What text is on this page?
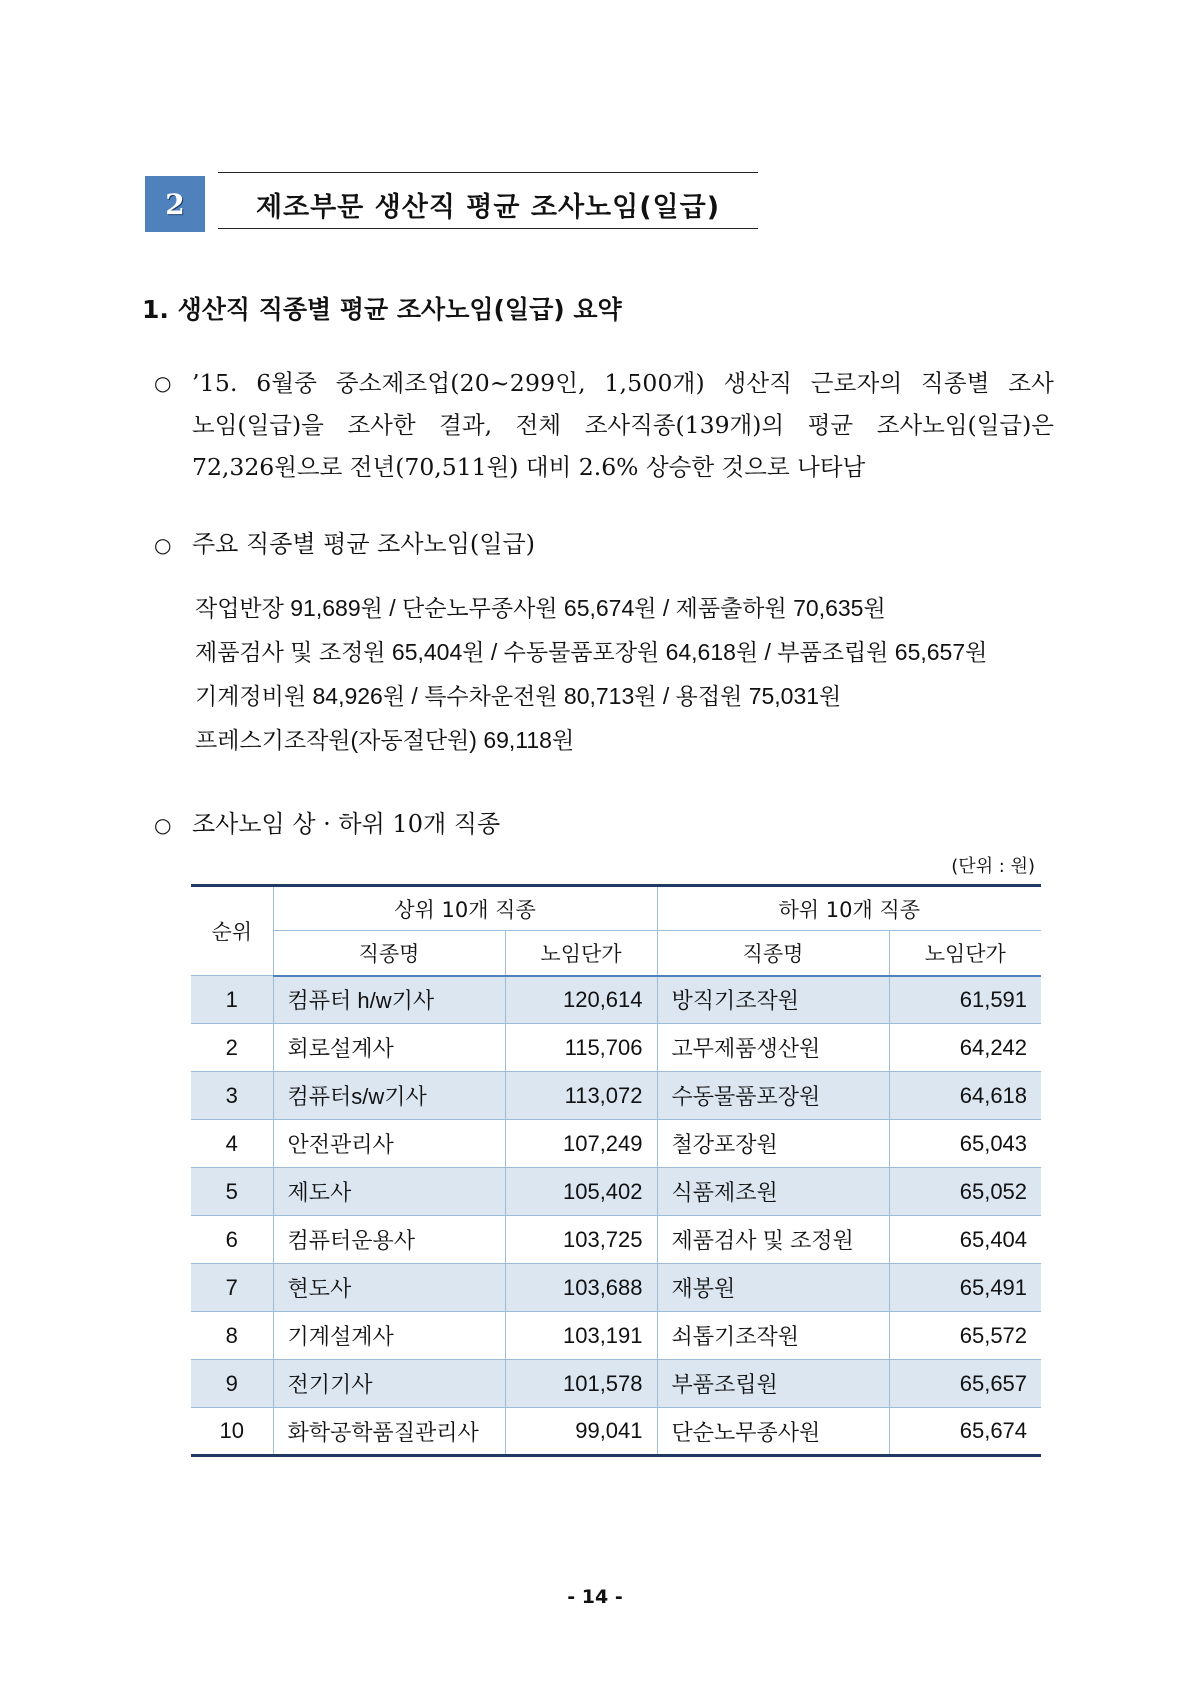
2	제조부문 생산직 평균 조사노임(일급)
1. 생산직 직종별 평균 조사노임(일급) 요약
○ ’15. 6월중 중소제조업(20~299인, 1,500개) 생산직 근로자의 직종별 조사
노임(일급)을 조사한 결과, 전체 조사직종(139개)의 평균 조사노임(일급)은
72,326원으로 전년(70,511원) 대비 2.6% 상승한 것으로 나타남
○ 주요 직종별 평균 조사노임(일급)
작업반장 91,689원 / 단순노무종사원 65,674원 / 제품출하원 70,635원
제품검사 및 조정원 65,404원 / 수동물품포장원 64,618원 / 부품조립원 65,657원
기계정비원 84,926원 / 특수차운전원 80,713원 / 용접원 75,031원
프레스기조작원(자동절단원) 69,118원
○ 조사노임 상 · 하위 10개 직종
(단위 : 원)
순위	상위 10개 직종		하위 10개 직종	
	직종명	노임단가	직종명	노임단가
1	컴퓨터 h/w기사	120,614	방직기조작원	61,591
2	회로설계사	115,706	고무제품생산원	64,242
3	컴퓨터s/w기사	113,072	수동물품포장원	64,618
4	안전관리사	107,249	철강포장원	65,043
5	제도사	105,402	식품제조원	65,052
6	컴퓨터운용사	103,725	제품검사 및 조정원	65,404
7	현도사	103,688	재봉원	65,491
8	기계설계사	103,191	쇠톱기조작원	65,572
9	전기기사	101,578	부품조립원	65,657
10	화학공학품질관리사	99,041	단순노무종사원	65,674
- 14 -
